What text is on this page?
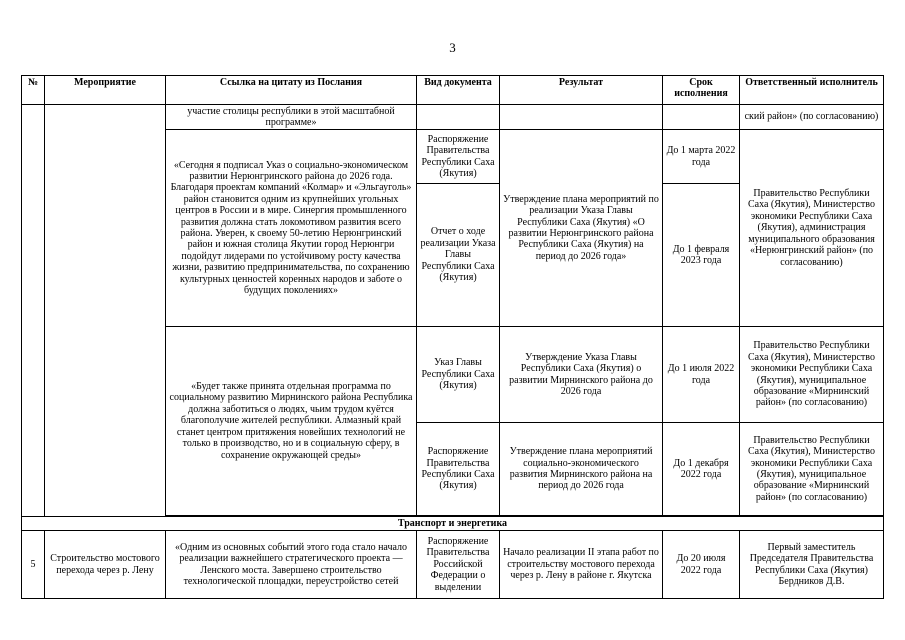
3
№	Мероприятие	Ссылка на цитату из Послания	Вид документа	Результат	Срок исполнения	Ответственный исполнитель
		участие столицы республики в этой масштабной программе»				ский район» (по согласованию)
		«Сегодня я подписал Указ о социально-экономическом развитии Нерюнгринского района до 2026 года. Благодаря проектам компаний «Колмар» и «Эльгауголь» район становится одним из крупнейших угольных центров в России и в мире. Синергия промышленного развития должна стать локомотивом развития всего района. Уверен, к своему 50-летию Нерюнгринский район и южная столица Якутии город Нерюнгри подойдут лидерами по устойчивому росту качества жизни, развитию предпринимательства, по сохранению культурных ценностей коренных народов и заботе о будущих поколениях»	Распоряжение Правительства Республики Саха (Якутия)	Утверждение плана мероприятий по реализации Указа Главы Республики Саха (Якутия) «О развитии Нерюнгринского района Республики Саха (Якутия) на период до 2026 года»	До 1 марта 2022 года	Правительство Республики Саха (Якутия), Министерство экономики Республики Саха (Якутия), администрация муниципального образования «Нерюнгринский район» (по согласованию)
			Отчет о ходе реализации Указа Главы Республики Саха (Якутия)		До 1 февраля 2023 года	
		«Будет также принята отдельная программа по социальному развитию Мирнинского района Республика должна заботиться о людях, чьим трудом куётся благополучие жителей республики. Алмазный край станет центром притяжения новейших технологий не только в производство, но и в социальную сферу, в сохранение окружающей среды»	Указ Главы Республики Саха (Якутия)	Утверждение Указа Главы Республики Саха (Якутия) о развитии Мирнинского района до 2026 года	До 1 июля 2022 года	Правительство Республики Саха (Якутия), Министерство экономики Республики Саха (Якутия), муниципальное образование «Мирнинский район» (по согласованию)
			Распоряжение Правительства Республики Саха (Якутия)	Утверждение плана мероприятий социально-экономического развития Мирнинского района на период до 2026 года	До 1 декабря 2022 года	Правительство Республики Саха (Якутия), Министерство экономики Республики Саха (Якутия), муниципальное образование «Мирнинский район» (по согласованию)

Транспорт и энергетика						
5	Строительство мостового перехода через р. Лену	«Одним из основных событий этого года стало начало реализации важнейшего стратегического проекта — Ленского моста. Завершено строительство технологической площадки, переустройство сетей	Распоряжение Правительства Российской Федерации о выделении	Начало реализации II этапа работ по строительству мостового перехода через р. Лену в районе г. Якутска	До 20 июля 2022 года	Первый заместитель Председателя Правительства Республики Саха (Якутия) Бердников Д.В.
